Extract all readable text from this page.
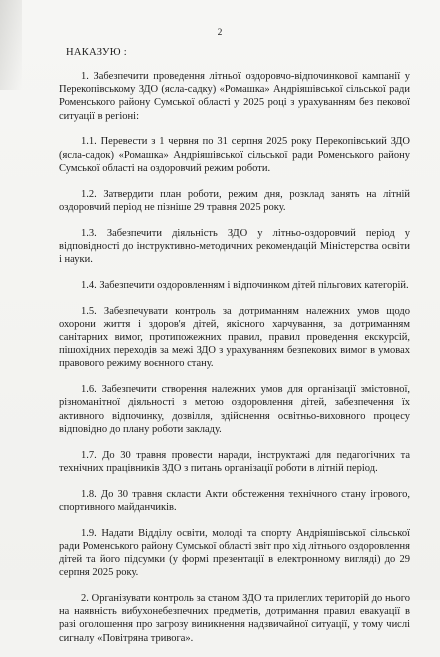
2
НАКАЗУЮ :

1. Забезпечити проведення літньої оздоровчо-відпочинкової кампанії у Перекопівському ЗДО (ясла-садку) «Ромашка» Андріяшівської сільської ради Роменського району Сумської області у 2025 році з урахуванням без пекової ситуації в регіоні:

1.1. Перевести з 1 червня по 31 серпня 2025 року Перекопівський ЗДО (ясла-садок) «Ромашка» Андріяшівської сільської ради Роменського району Сумської області на оздоровчий режим роботи.

1.2. Затвердити план роботи, режим дня, розклад занять на літній оздоровчий період не пізніше 29 травня 2025 року.

1.3. Забезпечити діяльність ЗДО у літньо-оздоровчий період у відповідності до інструктивно-методичних рекомендацій Міністерства освіти і науки.

1.4. Забезпечити оздоровленням і відпочинком дітей пільгових категорій.

1.5. Забезпечувати контроль за дотриманням належних умов щодо охорони життя і здоров'я дітей, якісного харчування, за дотриманням санітарних вимог, протипожежних правил, правил проведення екскурсій, пішохідних переходів за межі ЗДО з урахуванням безпекових вимог в умовах правового режиму воєнного стану.

1.6. Забезпечити створення належних умов для організації змістовної, різноманітної діяльності з метою оздоровлення дітей, забезпечення їх активного відпочинку, дозвілля, здійснення освітньо-виховного процесу відповідно до плану роботи закладу.

1.7. До 30 травня провести наради, інструктажі для педагогічних та технічних працівників ЗДО з питань організації роботи в літній період.

1.8. До 30 травня скласти Акти обстеження технічного стану ігрового, спортивного майданчиків.

1.9. Надати Відділу освіти, молоді та спорту Андріяшівської сільської ради Роменського району Сумської області звіт про хід літнього оздоровлення дітей та його підсумки (у формі презентації в електронному вигляді) до 29 серпня 2025 року.

2. Організувати контроль за станом ЗДО та прилеглих територій до нього на наявність вибухонебезпечних предметів, дотримання правил евакуації в разі оголошення про загрозу виникнення надзвичайної ситуації, у тому числі сигналу «Повітряна тривога».
